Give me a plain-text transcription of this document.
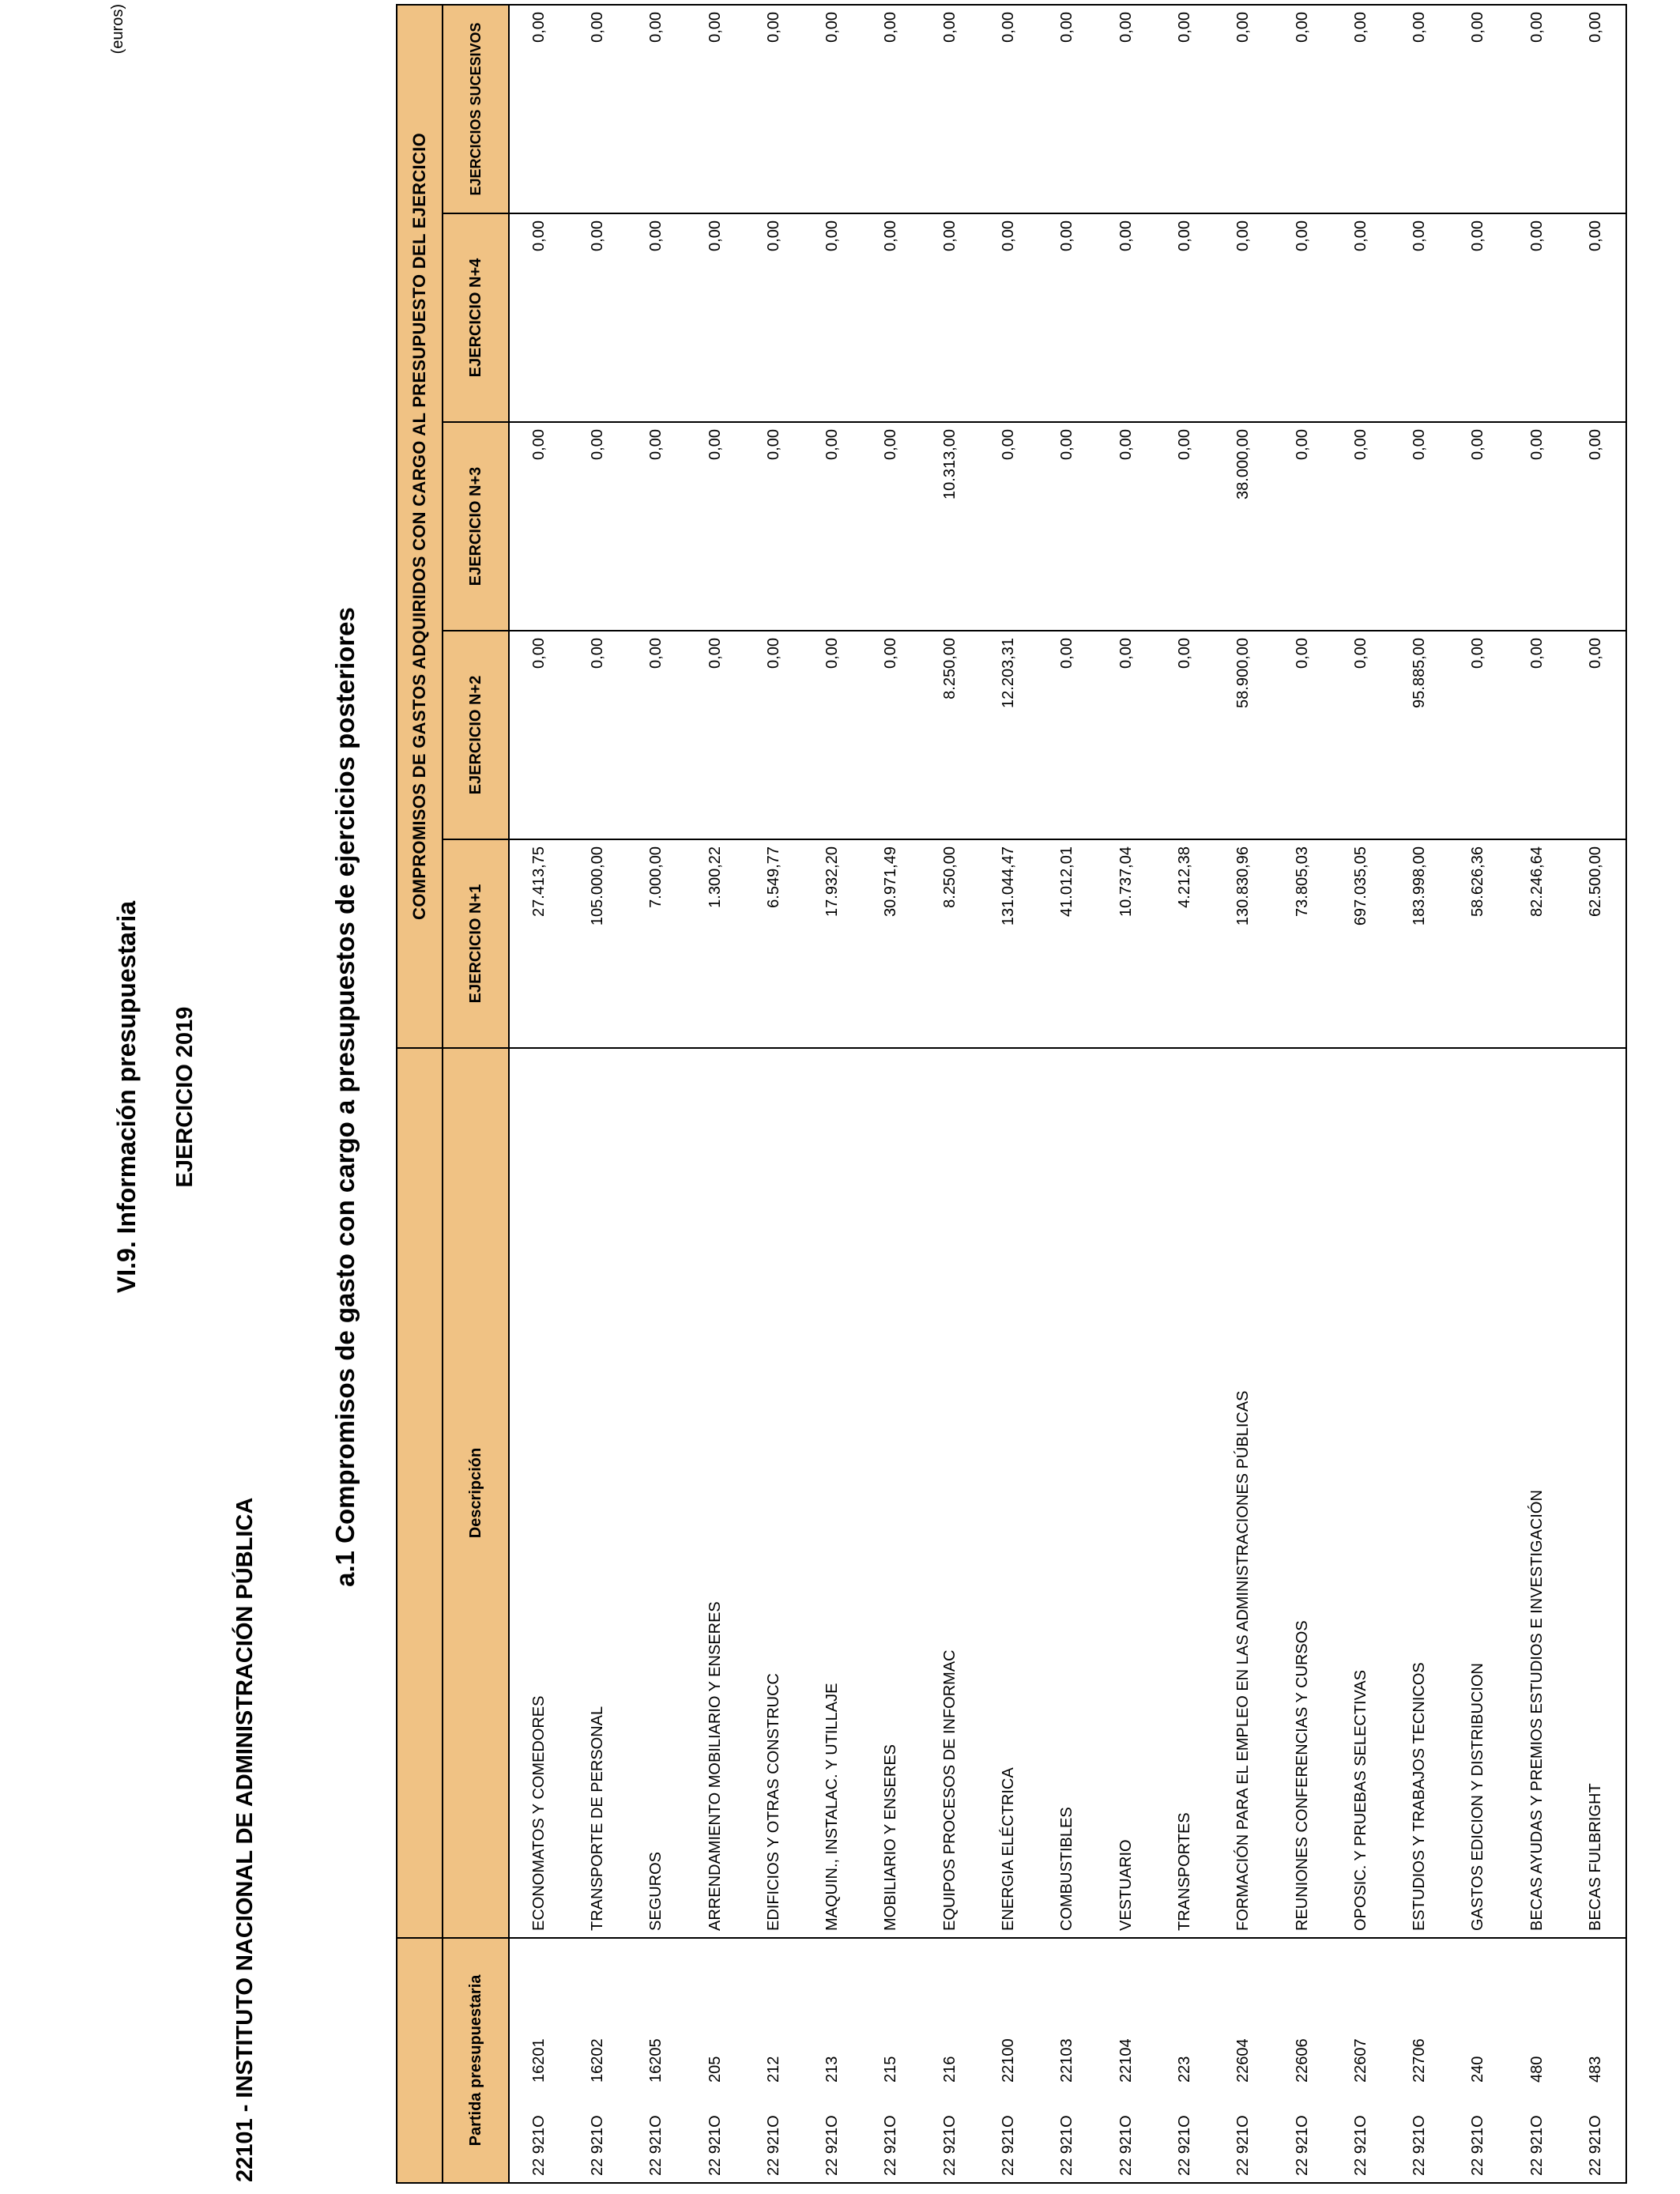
VI.9. Información presupuestaria EJERCICIO 2019
(euros)
22101 - INSTITUTO NACIONAL DE ADMINISTRACIÓN PÚBLICA
a.1 Compromisos de gasto con cargo a presupuestos de ejercicios posteriores
		COMPROMISOS DE GASTOS ADQUIRIDOS CON CARGO AL PRESUPUESTO DEL EJERCICIO				
Partida presupuestaria	Descripción	EJERCICIO N+1	EJERCICIO N+2	EJERCICIO N+3	EJERCICIO N+4	EJERCICIOS SUCESIVOS
22 921O16201	ECONOMATOS Y COMEDORES	27.413,75	0,00	0,00	0,00	0,00
22 921O16202	TRANSPORTE DE PERSONAL	105.000,00	0,00	0,00	0,00	0,00
22 921O16205	SEGUROS	7.000,00	0,00	0,00	0,00	0,00
22 921O205	ARRENDAMIENTO MOBILIARIO Y ENSERES	1.300,22	0,00	0,00	0,00	0,00
22 921O212	EDIFICIOS Y OTRAS CONSTRUCC	6.549,77	0,00	0,00	0,00	0,00
22 921O213	MAQUIN., INSTALAC. Y UTILLAJE	17.932,20	0,00	0,00	0,00	0,00
22 921O215	MOBILIARIO Y ENSERES	30.971,49	0,00	0,00	0,00	0,00
22 921O216	EQUIPOS PROCESOS DE INFORMAC	8.250,00	8.250,00	10.313,00	0,00	0,00
22 921O22100	ENERGIA ELÉCTRICA	131.044,47	12.203,31	0,00	0,00	0,00
22 921O22103	COMBUSTIBLES	41.012,01	0,00	0,00	0,00	0,00
22 921O22104	VESTUARIO	10.737,04	0,00	0,00	0,00	0,00
22 921O223	TRANSPORTES	4.212,38	0,00	0,00	0,00	0,00
22 921O22604	FORMACIÓN PARA EL EMPLEO EN LAS ADMINISTRACIONES PÚBLICAS	130.830,96	58.900,00	38.000,00	0,00	0,00
22 921O22606	REUNIONES CONFERENCIAS Y CURSOS	73.805,03	0,00	0,00	0,00	0,00
22 921O22607	OPOSIC. Y PRUEBAS SELECTIVAS	697.035,05	0,00	0,00	0,00	0,00
22 921O22706	ESTUDIOS Y TRABAJOS TECNICOS	183.998,00	95.885,00	0,00	0,00	0,00
22 921O240	GASTOS EDICION Y DISTRIBUCION	58.626,36	0,00	0,00	0,00	0,00
22 921O480	BECAS AYUDAS Y PREMIOS ESTUDIOS E INVESTIGACIÓN	82.246,64	0,00	0,00	0,00	0,00
22 921O483	BECAS FULBRIGHT	62.500,00	0,00	0,00	0,00	0,00
